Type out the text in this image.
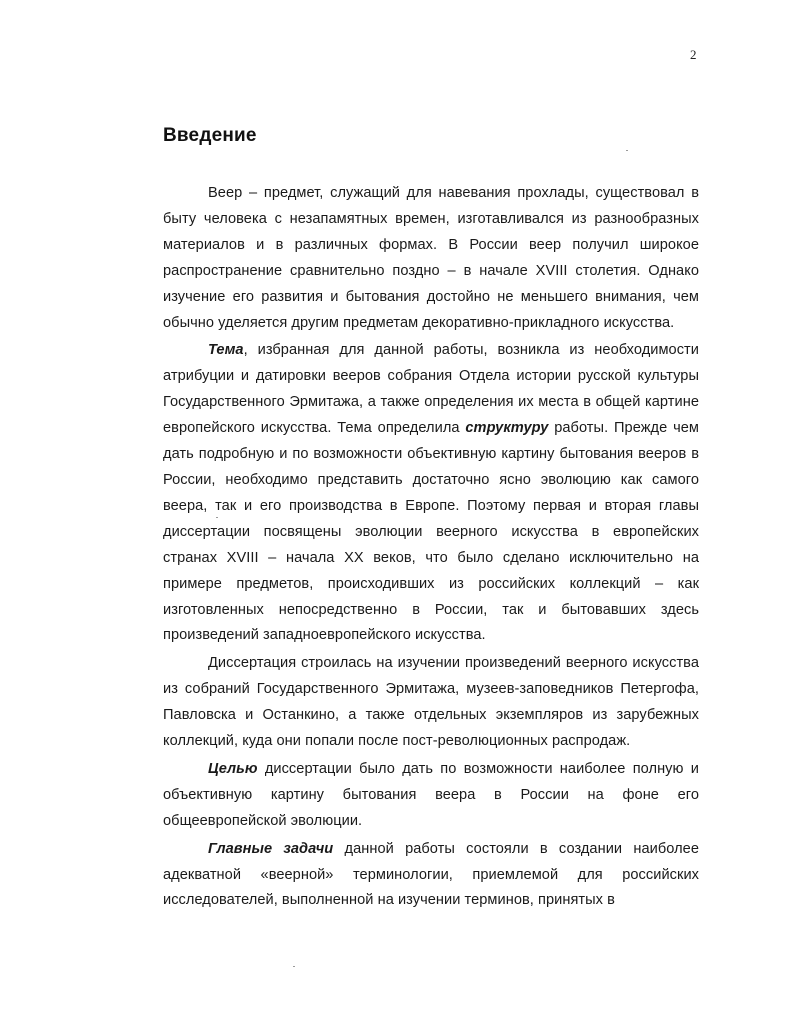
2
Введение

Веер – предмет, служащий для навевания прохлады, существовал в быту человека с незапамятных времен, изготавливался из разнообразных материалов и в различных формах. В России веер получил широкое распространение сравнительно поздно – в начале XVIII столетия. Однако изучение его развития и бытования достойно не меньшего внимания, чем обычно уделяется другим предметам декоративно-прикладного искусства.

Тема, избранная для данной работы, возникла из необходимости атрибуции и датировки вееров собрания Отдела истории русской культуры Государственного Эрмитажа, а также определения их места в общей картине европейского искусства. Тема определила структуру работы. Прежде чем дать подробную и по возможности объективную картину бытования вееров в России, необходимо представить достаточно ясно эволюцию как самого веера, так и его производства в Европе. Поэтому первая и вторая главы диссертации посвящены эволюции веерного искусства в европейских странах XVIII – начала XX веков, что было сделано исключительно на примере предметов, происходивших из российских коллекций – как изготовленных непосредственно в России, так и бытовавших здесь произведений западноевропейского искусства.

Диссертация строилась на изучении произведений веерного искусства из собраний Государственного Эрмитажа, музеев-заповедников Петергофа, Павловска и Останкино, а также отдельных экземпляров из зарубежных коллекций, куда они попали после пост-революционных распродаж.

Целью диссертации было дать по возможности наиболее полную и объективную картину бытования веера в России на фоне его общеевропейской эволюции.

Главные задачи данной работы состояли в создании наиболее адекватной «веерной» терминологии, приемлемой для российских исследователей, выполненной на изучении терминов, принятых в
